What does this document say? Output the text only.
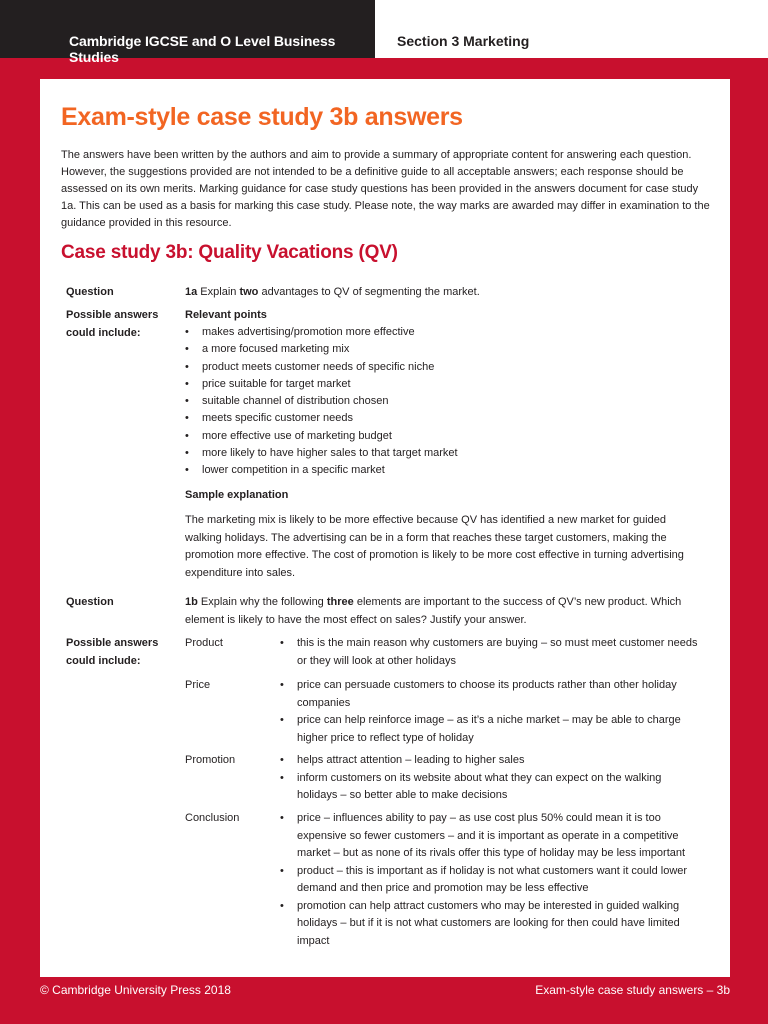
Cambridge IGCSE and O Level Business Studies
Section 3 Marketing
Exam-style case study 3b answers

The answers have been written by the authors and aim to provide a summary of appropriate content for answering each question. However, the suggestions provided are not intended to be a definitive guide to all acceptable answers; each response should be assessed on its own merits. Marking guidance for case study questions has been provided in the answers document for case study 1a. This can be used as a basis for marking this case study. Please note, the way marks are awarded may differ in examination to the guidance provided in this resource.

Case study 3b: Quality Vacations (QV)
Question	1a Explain two advantages to QV of segmenting the market.
Possible answers
could include:
Relevant points
• makes advertising/promotion more effective
• a more focused marketing mix
• product meets customer needs of specific niche
• price suitable for target market
• suitable channel of distribution chosen
• meets specific customer needs
• more effective use of marketing budget
• more likely to have higher sales to that target market
• lower competition in a specific market
Sample explanation

The marketing mix is likely to be more effective because QV has identified a new market for guided walking holidays. The advertising can be in a form that reaches these target customers, making the promotion more effective. The cost of promotion is likely to be more cost effective in turning advertising expenditure into sales.

Question	1b Explain why the following three elements are important to the success of QV’s new product. Which element is likely to have the most effect on sales? Justify your answer.
Possible answers
could include:
Product	• this is the main reason why customers are buying – so must meet customer needs or they will look at other holidays
Price	• price can persuade customers to choose its products rather than other holiday companies
• price can help reinforce image – as it’s a niche market – may be able to charge higher price to reflect type of holiday
Promotion	• helps attract attention – leading to higher sales
• inform customers on its website about what they can expect on the walking holidays – so better able to make decisions
Conclusion	• price – influences ability to pay – as use cost plus 50% could mean it is too expensive so fewer customers – and it is important as operate in a competitive market – but as none of its rivals offer this type of holiday may be less important
• product – this is important as if holiday is not what customers want it could lower demand and then price and promotion may be less effective
• promotion can help attract customers who may be interested in guided walking holidays – but if it is not what customers are looking for then could have limited impact
© Cambridge University Press 2018	Exam-style case study answers – 3b
